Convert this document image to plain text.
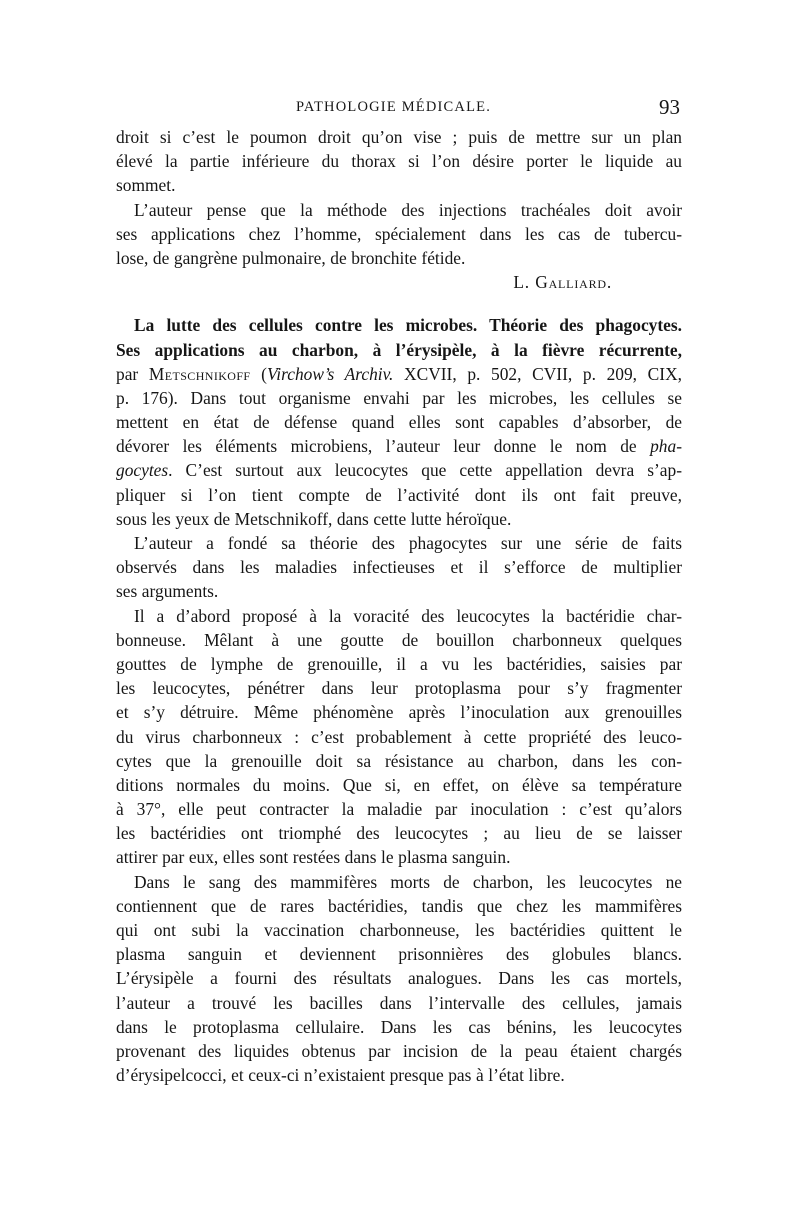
PATHOLOGIE MÉDICALE.	93
droit si c’est le poumon droit qu’on vise ; puis de mettre sur un plan
élevé la partie inférieure du thorax si l’on désire porter le liquide au
sommet.
L’auteur pense que la méthode des injections trachéales doit avoir
ses applications chez l’homme, spécialement dans les cas de tubercu-
lose, de gangrène pulmonaire, de bronchite fétide.
L. Galliard.
La lutte des cellules contre les microbes. Théorie des phagocytes.
Ses applications au charbon, à l’érysipèle, à la fièvre récurrente,
par Metschnikoff (Virchow’s Archiv. XCVII, p. 502, CVII, p. 209, CIX,
p. 176). Dans tout organisme envahi par les microbes, les cellules se
mettent en état de défense quand elles sont capables d’absorber, de
dévorer les éléments microbiens, l’auteur leur donne le nom de pha-
gocytes. C’est surtout aux leucocytes que cette appellation devra s’ap-
pliquer si l’on tient compte de l’activité dont ils ont fait preuve,
sous les yeux de Metschnikoff, dans cette lutte héroïque.
L’auteur a fondé sa théorie des phagocytes sur une série de faits
observés dans les maladies infectieuses et il s’efforce de multiplier
ses arguments.
Il a d’abord proposé à la voracité des leucocytes la bactéridie char-
bonneuse. Mêlant à une goutte de bouillon charbonneux quelques
gouttes de lymphe de grenouille, il a vu les bactéridies, saisies par
les leucocytes, pénétrer dans leur protoplasma pour s’y fragmenter
et s’y détruire. Même phénomène après l’inoculation aux grenouilles
du virus charbonneux : c’est probablement à cette propriété des leuco-
cytes que la grenouille doit sa résistance au charbon, dans les con-
ditions normales du moins. Que si, en effet, on élève sa température
à 37°, elle peut contracter la maladie par inoculation : c’est qu’alors
les bactéridies ont triomphé des leucocytes ; au lieu de se laisser
attirer par eux, elles sont restées dans le plasma sanguin.
Dans le sang des mammifères morts de charbon, les leucocytes ne
contiennent que de rares bactéridies, tandis que chez les mammifères
qui ont subi la vaccination charbonneuse, les bactéridies quittent le
plasma sanguin et deviennent prisonnières des globules blancs.
L’érysipèle a fourni des résultats analogues. Dans les cas mortels,
l’auteur a trouvé les bacilles dans l’intervalle des cellules, jamais
dans le protoplasma cellulaire. Dans les cas bénins, les leucocytes
provenant des liquides obtenus par incision de la peau étaient chargés
d’érysipelcocci, et ceux-ci n’existaient presque pas à l’état libre.
